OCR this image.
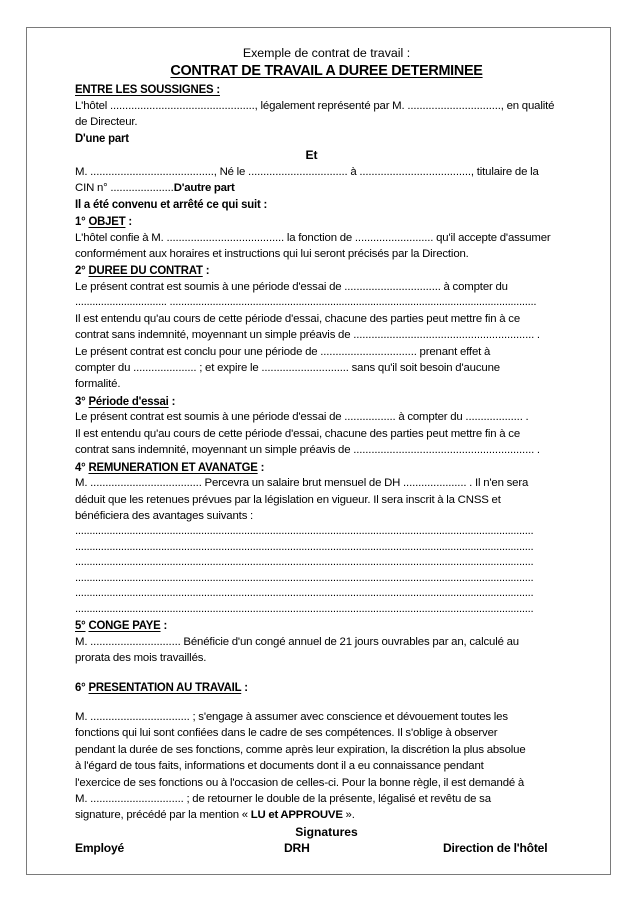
Exemple de contrat de travail :

CONTRAT DE TRAVAIL A DUREE DETERMINEE

ENTRE LES SOUSSIGNES :

L'hôtel ................................................, légalement représenté par M. ..............................., en qualité

de Directeur.

D'une part

Et

M. ........................................., Né le ................................. à ....................................., titulaire de la

CIN n° .....................D'autre part

Il a été convenu et arrêté ce qui suit :

1° OBJET :

L'hôtel confie à M. ....................................... la fonction de .......................... qu'il accepte d'assumer

conformément aux horaires et instructions qui lui seront précisés par la Direction.

2° DUREE DU CONTRAT :

Le présent contrat est soumis à une période d'essai de ................................ à compter du

................................ ................................................................................................................................

Il est entendu qu'au cours de cette période d'essai, chacune des parties peut mettre fin à ce

contrat sans indemnité, moyennant un simple préavis de ............................................................ .

Le présent contrat est conclu pour une période de ................................ prenant effet à

compter du ..................... ; et expire le ............................. sans qu'il soit besoin d'aucune

formalité.

3° Période d'essai :

Le présent contrat est soumis à une période d'essai de ................. à compter du ................... .

Il est entendu qu'au cours de cette période d'essai, chacune des parties peut mettre fin à ce

contrat sans indemnité, moyennant un simple préavis de ............................................................ .

4° REMUNERATION ET AVANATGE :

M. ..................................... Percevra un salaire brut mensuel de DH ..................... . Il n'en sera

déduit que les retenues prévues par la législation en vigueur. Il sera inscrit à la CNSS et

bénéficiera des avantages suivants :

................................................................................................................................................................

................................................................................................................................................................

................................................................................................................................................................

................................................................................................................................................................

................................................................................................................................................................

................................................................................................................................................................

5° CONGE PAYE :

M. .............................. Bénéficie d'un congé annuel de 21 jours ouvrables par an, calculé au

prorata des mois travaillés.

6° PRESENTATION AU TRAVAIL :

M. ................................. ; s'engage à assumer avec conscience et dévouement toutes les

fonctions qui lui sont confiées dans le cadre de ses compétences. Il s'oblige à observer

pendant la durée de ses fonctions, comme après leur expiration, la discrétion la plus absolue

à l'égard de tous faits, informations et documents dont il a eu connaissance pendant

l'exercice de ses fonctions ou à l'occasion de celles-ci. Pour la bonne règle, il est demandé à

M. ............................... ; de retourner le double de la présente, légalisé et revêtu de sa

signature, précédé par la mention « LU et APPROUVE ».

Signatures

Employé	DRH	Direction de l'hôtel
